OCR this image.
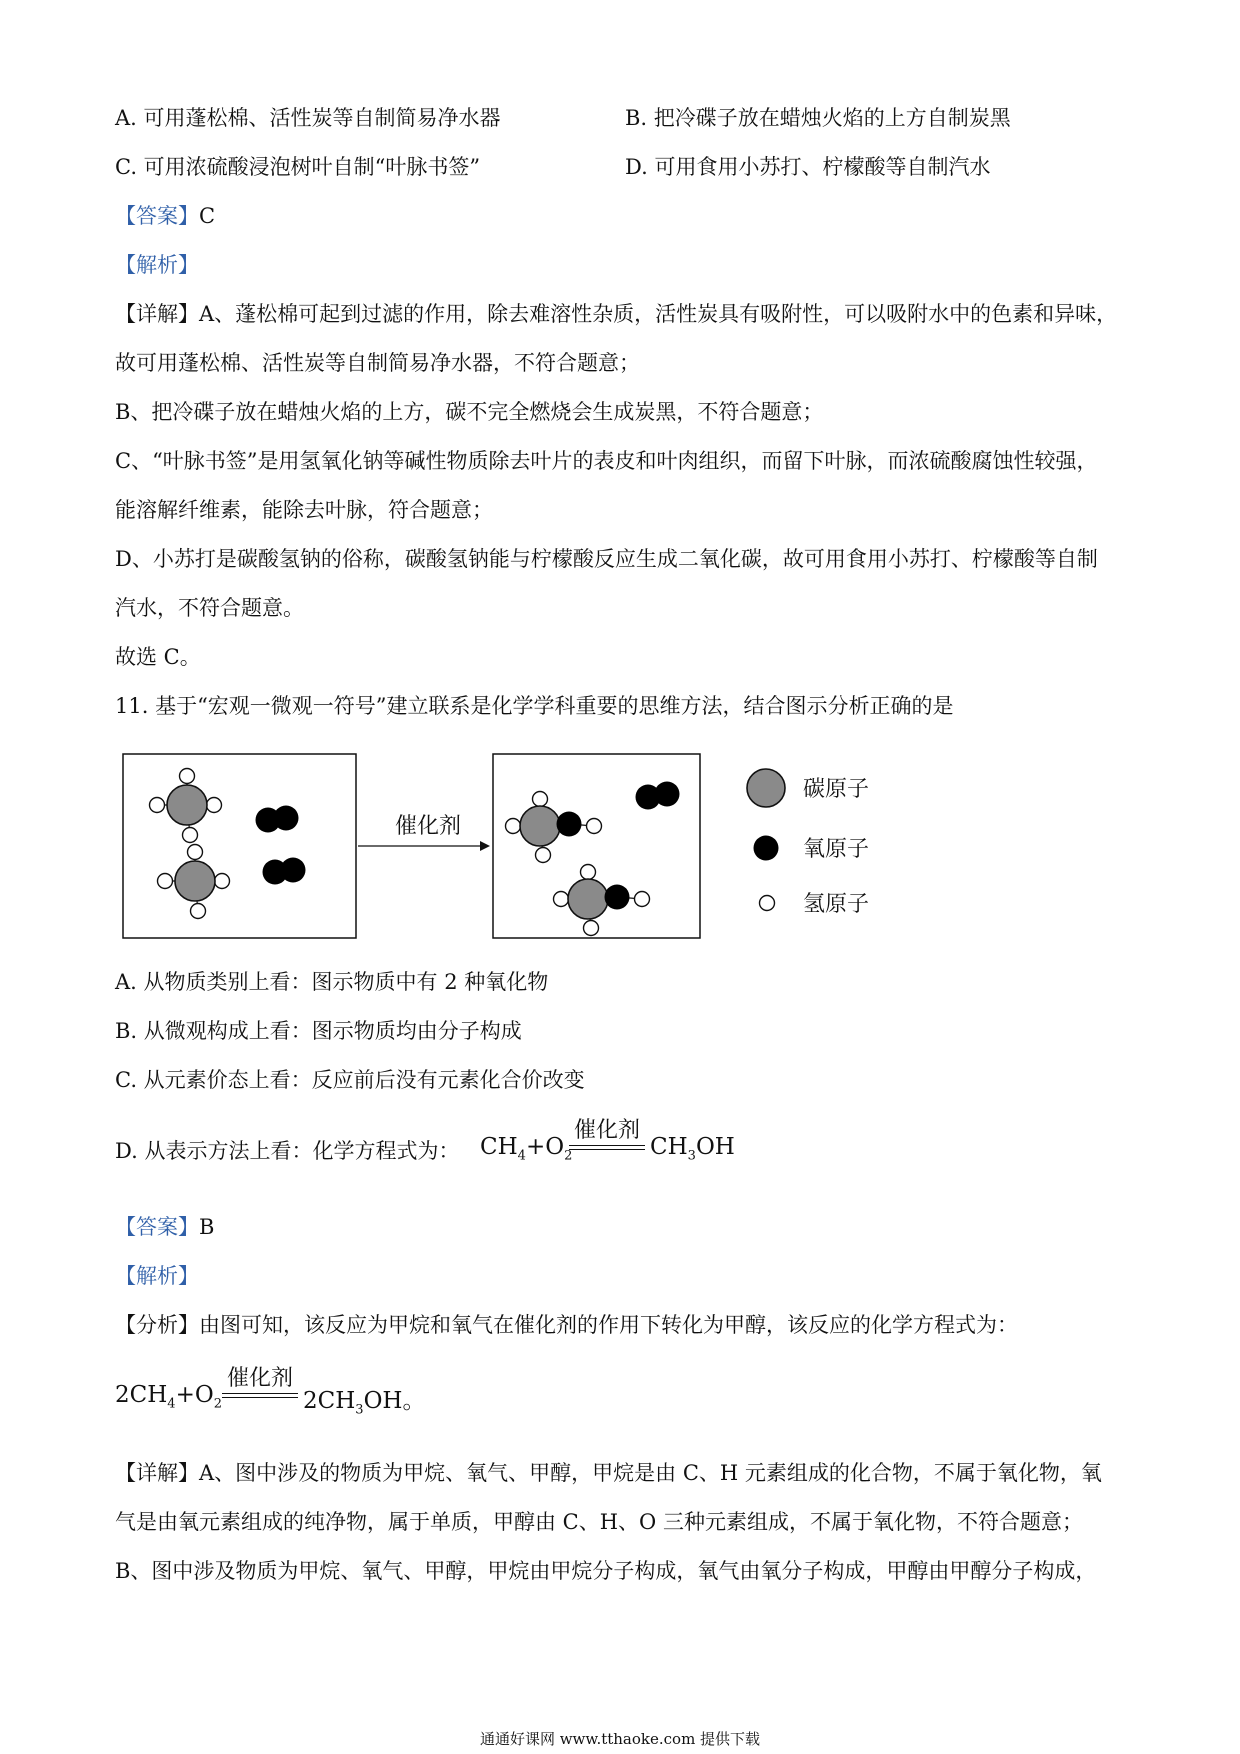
A. 可用蓬松棉、活性炭等自制简易净水器	B. 把冷碟子放在蜡烛火焰的上方自制炭黑
C. 可用浓硫酸浸泡树叶自制“叶脉书签”	D. 可用食用小苏打、柠檬酸等自制汽水
【答案】C
【解析】
【详解】A、蓬松棉可起到过滤的作用，除去难溶性杂质，活性炭具有吸附性，可以吸附水中的色素和异味，
故可用蓬松棉、活性炭等自制简易净水器，不符合题意；
B、把冷碟子放在蜡烛火焰的上方，碳不完全燃烧会生成炭黑，不符合题意；
C、“叶脉书签”是用氢氧化钠等碱性物质除去叶片的表皮和叶肉组织，而留下叶脉，而浓硫酸腐蚀性较强，
能溶解纤维素，能除去叶脉，符合题意；
D、小苏打是碳酸氢钠的俗称，碳酸氢钠能与柠檬酸反应生成二氧化碳，故可用食用小苏打、柠檬酸等自制
汽水，不符合题意。
故选 C。
11. 基于“宏观一微观一符号”建立联系是化学学科重要的思维方法，结合图示分析正确的是
催化剂
碳原子
氧原子
氢原子
A. 从物质类别上看：图示物质中有 2 种氧化物
B. 从微观构成上看：图示物质均由分子构成
C. 从元素价态上看：反应前后没有元素化合价改变
D. 从表示方法上看：化学方程式为： $CH_4+O_2$
催化剂
$CH_3OH$
【答案】B
【解析】
【分析】由图可知，该反应为甲烷和氧气在催化剂的作用下转化为甲醇，该反应的化学方程式为：
$2CH_4+O_2$
催化剂
$2CH_3OH$。
【详解】A、图中涉及的物质为甲烷、氧气、甲醇，甲烷是由 C、H 元素组成的化合物，不属于氧化物，氧
气是由氧元素组成的纯净物，属于单质，甲醇由 C、H、O 三种元素组成，不属于氧化物，不符合题意；
B、图中涉及物质为甲烷、氧气、甲醇，甲烷由甲烷分子构成，氧气由氧分子构成，甲醇由甲醇分子构成，
通通好课网 www.tthaoke.com 提供下载
